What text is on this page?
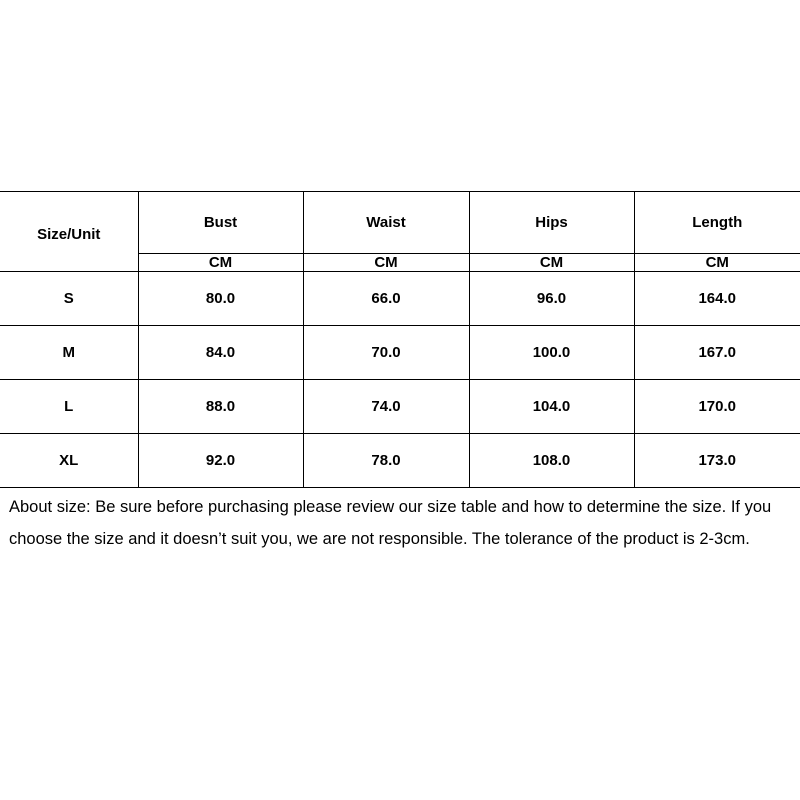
Size/Unit	Bust	Waist	Hips	Length
	CM	CM	CM	CM
S	80.0	66.0	96.0	164.0
M	84.0	70.0	100.0	167.0
L	88.0	74.0	104.0	170.0
XL	92.0	78.0	108.0	173.0

About size: Be sure before purchasing please review our size table and how to determine the size. If you choose the size and it doesn’t suit you, we are not responsible. The tolerance of the product is 2-3cm.
